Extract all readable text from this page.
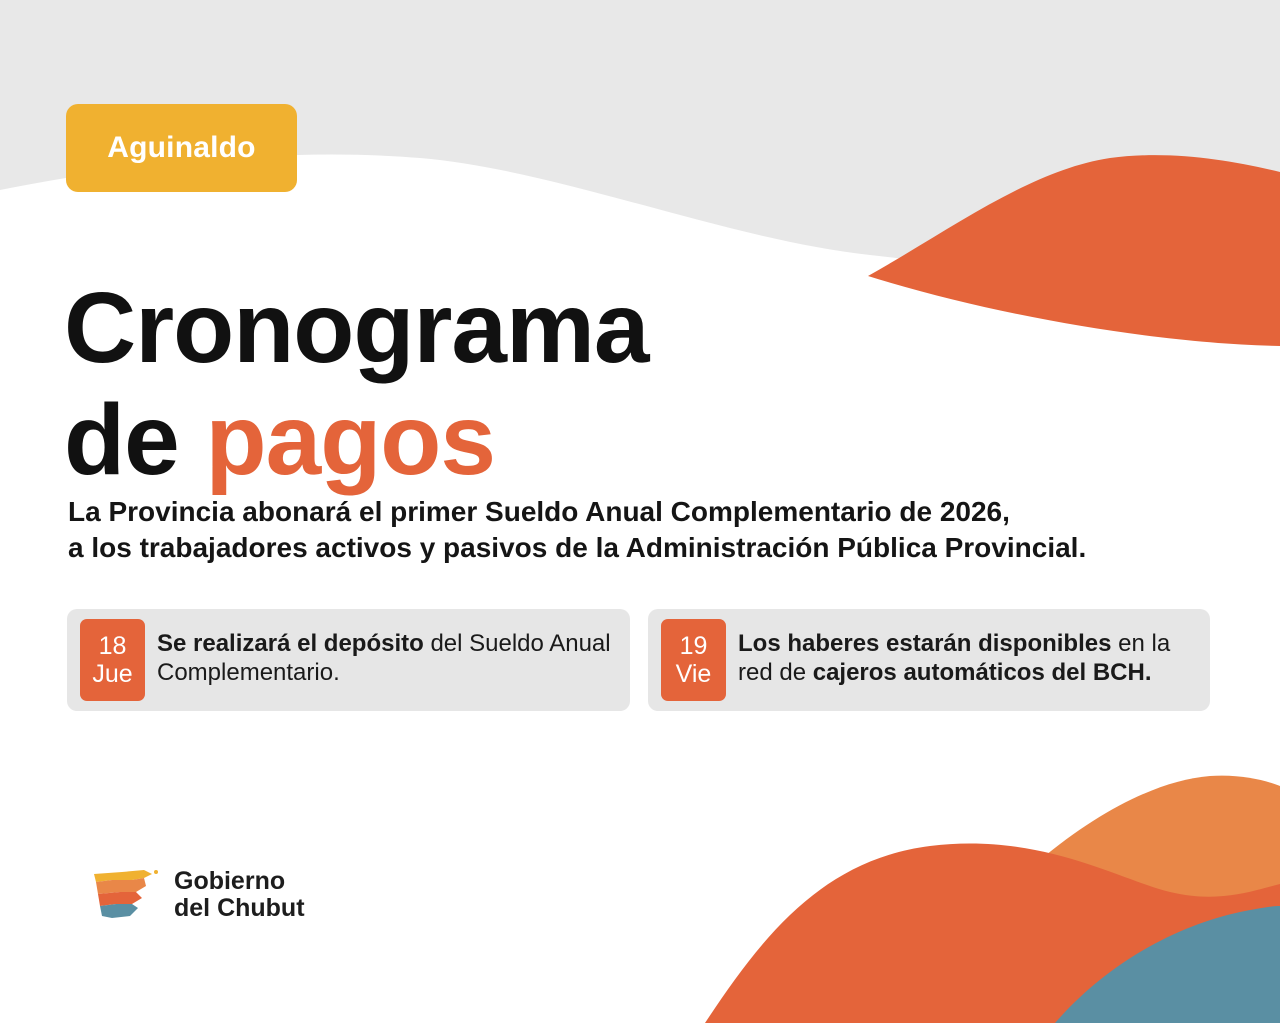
Aguinaldo
Cronograma
de pagos

La Provincia abonará el primer Sueldo Anual Complementario de 2026,
a los trabajadores activos y pasivos de la Administración Pública Provincial.

18
Jue
Se realizará el depósito del Sueldo Anual Complementario.
19
Vie
Los haberes estarán disponibles en la red de cajeros automáticos del BCH.
Gobierno
del Chubut
